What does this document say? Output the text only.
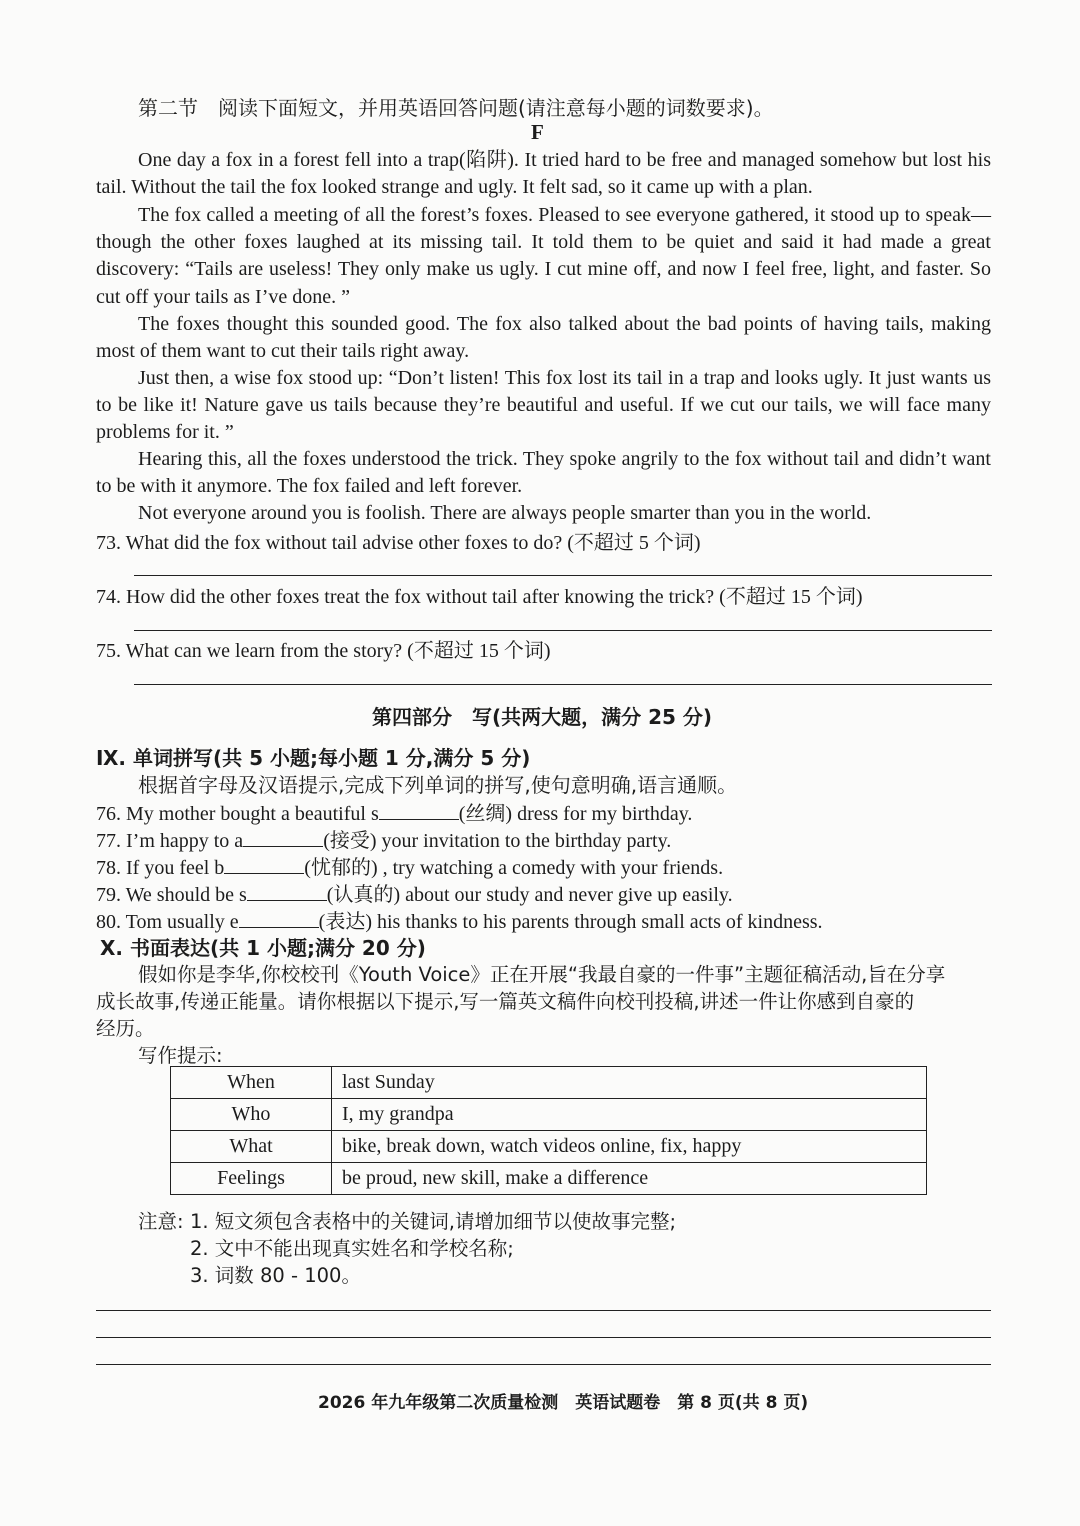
第二节　阅读下面短文，并用英语回答问题(请注意每小题的词数要求)。
F
One day a fox in a forest fell into a trap(陷阱). It tried hard to be free and managed somehow but lost his tail. Without the tail the fox looked strange and ugly. It felt sad, so it came up with a plan.
The fox called a meeting of all the forest’s foxes. Pleased to see everyone gathered, it stood up to speak—though the other foxes laughed at its missing tail. It told them to be quiet and said it had made a great discovery: “Tails are useless! They only make us ugly. I cut mine off, and now I feel free, light, and faster. So cut off your tails as I’ve done. ”
The foxes thought this sounded good. The fox also talked about the bad points of having tails, making most of them want to cut their tails right away.
Just then, a wise fox stood up: “Don’t listen! This fox lost its tail in a trap and looks ugly. It just wants us to be like it! Nature gave us tails because they’re beautiful and useful. If we cut our tails, we will face many problems for it. ”
Hearing this, all the foxes understood the trick. They spoke angrily to the fox without tail and didn’t want to be with it anymore. The fox failed and left forever.
Not everyone around you is foolish. There are always people smarter than you in the world.
73. What did the fox without tail advise other foxes to do? (不超过 5 个词)
74. How did the other foxes treat the fox without tail after knowing the trick? (不超过 15 个词)
75. What can we learn from the story? (不超过 15 个词)
第四部分　写(共两大题，满分 25 分)
Ⅸ. 单词拼写(共 5 小题;每小题 1 分,满分 5 分)
根据首字母及汉语提示,完成下列单词的拼写,使句意明确,语言通顺。
76. My mother bought a beautiful s	(丝绸) dress for my birthday.
77. I’m happy to a	(接受) your invitation to the birthday party.
78. If you feel b	(忧郁的) , try watching a comedy with your friends.
79. We should be s	(认真的) about our study and never give up easily.
80. Tom usually e	(表达) his thanks to his parents through small acts of kindness.
Ⅹ. 书面表达(共 1 小题;满分 20 分)
假如你是李华,你校校刊《Youth Voice》正在开展“我最自豪的一件事”主题征稿活动,旨在分享
成长故事,传递正能量。请你根据以下提示,写一篇英文稿件向校刊投稿,讲述一件让你感到自豪的
经历。
写作提示:
When	last Sunday
Who	I, my grandpa
What	bike, break down, watch videos online, fix, happy
Feelings	be proud, new skill, make a difference
注意: 1. 短文须包含表格中的关键词,请增加细节以使故事完整;
2. 文中不能出现真实姓名和学校名称;
3. 词数 80 - 100。
2026 年九年级第二次质量检测　英语试题卷　第 8 页(共 8 页)
